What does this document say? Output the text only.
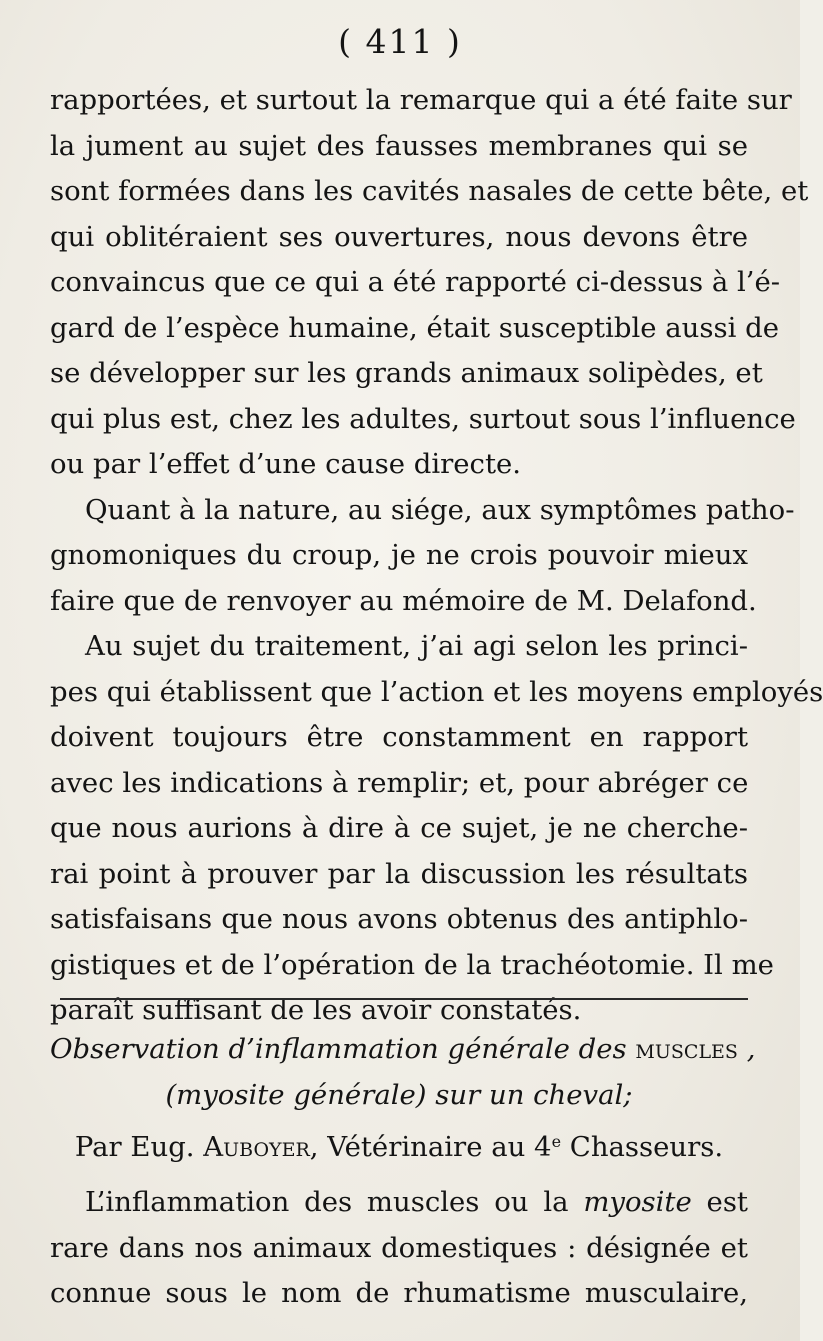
( 411 )
rapportées, et surtout la remarque qui a été faite sur
la jument au sujet des fausses membranes qui se
sont formées dans les cavités nasales de cette bête, et
qui oblitéraient ses ouvertures, nous devons être
convaincus que ce qui a été rapporté ci-dessus à l’é-
gard de l’espèce humaine, était susceptible aussi de
se développer sur les grands animaux solipèdes, et
qui plus est, chez les adultes, surtout sous l’influence
ou par l’effet d’une cause directe.
Quant à la nature, au siége, aux symptômes patho-
gnomoniques du croup, je ne crois pouvoir mieux
faire que de renvoyer au mémoire de M. Delafond.
Au sujet du traitement, j’ai agi selon les princi-
pes qui établissent que l’action et les moyens employés
doivent toujours être constamment en rapport
avec les indications à remplir; et, pour abréger ce
que nous aurions à dire à ce sujet, je ne cherche-
rai point à prouver par la discussion les résultats
satisfaisans que nous avons obtenus des antiphlo-
gistiques et de l’opération de la trachéotomie. Il me
paraît suffisant de les avoir constatés.
Observation d’inflammation générale des muscles ,
(myosite générale) sur un cheval;
Par Eug. Auboyer, Vétérinaire au 4e Chasseurs.
L’inflammation des muscles ou la myosite est
rare dans nos animaux domestiques : désignée et
connue sous le nom de rhumatisme musculaire,
